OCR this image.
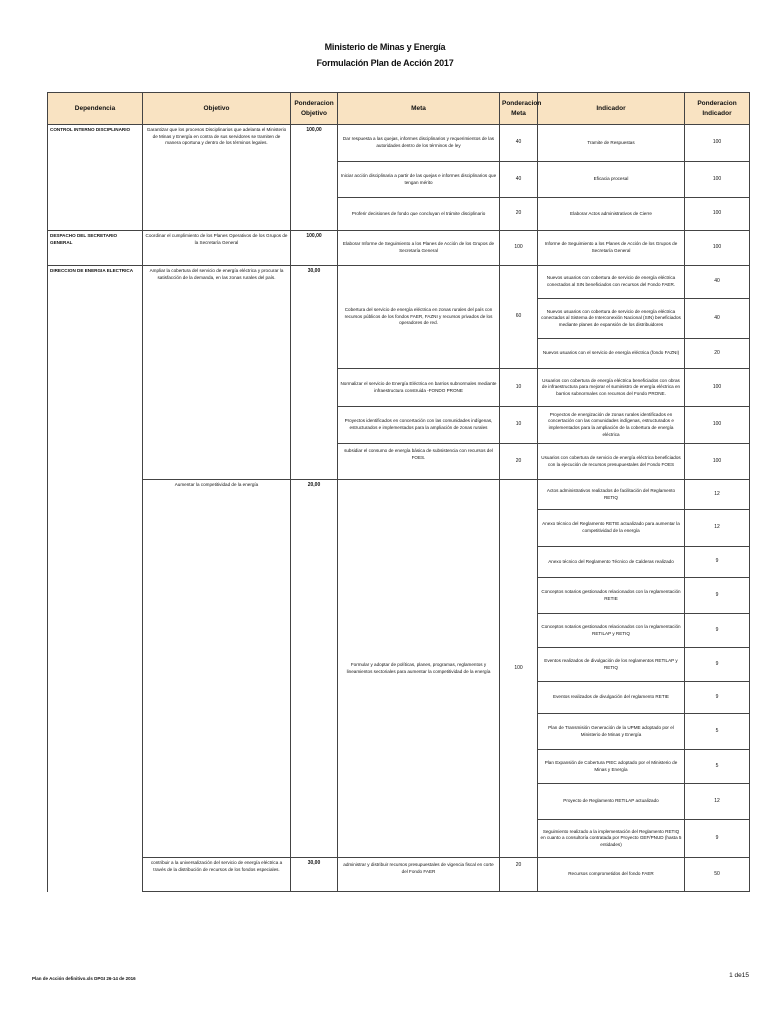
Ministerio de Minas y Energía
Formulación Plan de Acción 2017
Dependencia	Objetivo	Ponderacion Objetivo	Meta	Ponderacion Meta	Indicador	Ponderacion Indicador
CONTROL INTERNO DISCIPLINARIO	Garantizar que los procesos Disciplinarios que adelanta el Ministerio de Minas y Energía en contra de sus servidores se tramiten de manera oportuna y dentro de los términos legales.	100,00	Dar respuesta a las quejas, informes disciplinarios y requerimientos de las autoridades dentro de los términos de ley	40	Tramite de Respuestas	100
			Iniciar acción disciplinaria a partir de las quejas e informes disciplinarios que tengan mérito	40	Eficacia procesal	100
			Proferir decisiones de fondo que concluyan el trámite disciplinario	20	Elaborar Actos administrativos de Cierre	100
DESPACHO DEL SECRETARIO GENERAL	Coordinar el cumplimiento de los Planes Operativos de los Grupos de la Secretaría General	100,00	Elaborar Informe de Seguimiento a los Planes de Acción de los Grupos de Secretaría General	100	Informe de Seguimiento a los Planes de Acción de los Grupos de Secretaría General	100
DIRECCION DE ENERGIA ELECTRICA	Ampliar la cobertura del servicio de energía eléctrica y procurar la satisfacción de la demanda, en las zonas rurales del país.	30,00	Cobertura del servicio de energía eléctrica en zonas rurales del país con recursos públicos de los fondos FAER, FAZNI y recursos privados de los operadores de red.	60	Nuevos usuarios con cobertura de servicio de energía eléctrica conectados al SIN beneficiados con recursos del Fondo FAER.	40
					Nuevos usuarios con cobertura de servicio de energía eléctrica conectados al Sistema de Interconexión Nacional (SIN) beneficiados mediante planes de expansión de los distribuidores	40
					Nuevos usuarios con el servicio de energía eléctrica (fondo FAZNI)	20
			Normalizar el servicio de Energía Eléctrica en barrios subnormales mediante infraestructura construida -FONDO PRONE	10	Usuarios con cobertura de energía eléctrica beneficiados con obras de infraestructura para mejorar el suministro de energía eléctrica en barrios subnormales con recursos del Fondo PRONE.	100
			Proyectos identificados en concertación con las comunidades indígenas, estructurados e implementados para la ampliación de zonas rurales	10	Proyectos de energización de zonas rurales identificados en concertación con las comunidades indígenas, estructurados e implementados para la ampliación de la cobertura de energía eléctrica	100
			subsidiar el consumo de energía básica de subsistencia con recursos del FOES.	20	Usuarios con cobertura de servicio de energía eléctrica beneficiados con la ejecución de recursos presupuestales del Fondo FOES	100
	Aumentar la competitividad de la energía	20,00	Formular y adoptar de políticas, planes, programas, reglamentos y lineamientos sectoriales para aumentar la competitividad de la energía	100	Actos administrativos realizados de facilitación del Reglamento RETIQ	12
					Anexo técnico del Reglamento RETIE actualizado para aumentar la competitividad de la energía	12
					Anexo técnico del Reglamento Técnico de Calderas realizado	9
					Conceptos notarios gestionados relacionados con la reglamentación RETIE	9
					Conceptos notarios gestionados relacionados con la reglamentación RETILAP y RETIQ	9
					Eventos realizados de divulgación de los reglamentos RETILAP y RETIQ	9
					Eventos realizados de divulgación del reglamento RETIE	9
					Plan de Transmisión Generación de la UPME adoptado por el Ministerio de Minas y Energía	5
					Plan Expansión de Cobertura PIEC adoptado por el Ministerio de Minas y Energía	5
					Proyecto de Reglamento RETILAP actualizado	12
					Seguimiento realizado a la implementación del Reglamento RETIQ en cuanto a consultoría contratada por Proyecto GEF/PNUD (hasta 5 entidades)	9
	contribuir a la universalización del servicio de energía eléctrica a través de la distribución de recursos de los fondos especiales.	30,00	administrar y distribuir recursos presupuestales de vigencia fiscal en corte del Fondo FAER	20	Recursos comprometidos del fondo FAER	50
Plan de Acción definitivo.xls DPGI 26-14 de 2016	1 de15
